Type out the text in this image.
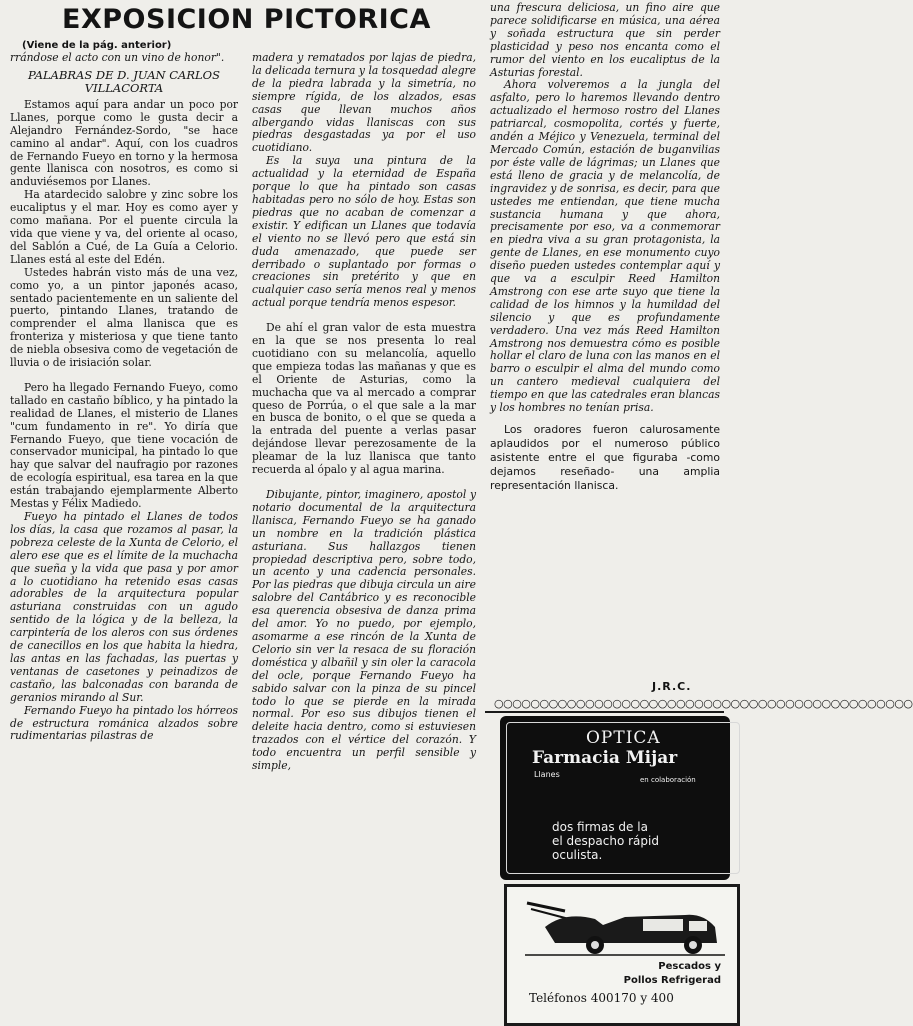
EXPOSICION PICTORICA
(Viene de la pág. anterior)

rrándose el acto con un vino de honor".

PALABRAS DE D. JUAN CARLOS VILLACORTA

Estamos aquí para andar un poco por Llanes, porque como le gusta decir a Alejandro Fernández-Sordo, "se hace camino al andar". Aquí, con los cuadros de Fernando Fueyo en torno y la hermosa gente llanisca con nosotros, es como si anduviésemos por Llanes.

Ha atardecido salobre y zinc sobre los eucaliptus y el mar. Hoy es como ayer y como mañana. Por el puente circula la vida que viene y va, del oriente al ocaso, del Sablón a Cué, de La Guía a Celorio. Llanes está al este del Edén.

Ustedes habrán visto más de una vez, como yo, a un pintor japonés acaso, sentado pacientemente en un saliente del puerto, pintando Llanes, tratando de comprender el alma llanisca que es fronteriza y misteriosa y que tiene tanto de niebla obsesiva como de vegetación de lluvia o de irisiación solar.

Pero ha llegado Fernando Fueyo, como tallado en castaño bíblico, y ha pintado la realidad de Llanes, el misterio de Llanes "cum fundamento in re". Yo diría que Fernando Fueyo, que tiene vocación de conservador municipal, ha pintado lo que hay que salvar del naufragio por razones de ecología espiritual, esa tarea en la que están trabajando ejemplarmente Alberto Mestas y Félix Madiedo.

Fueyo ha pintado el Llanes de todos los días, la casa que rozamos al pasar, la pobreza celeste de la Xunta de Celorio, el alero ese que es el límite de la muchacha que sueña y la vida que pasa y por amor a lo cuotidiano ha retenido esas casas adorables de la arquitectura popular asturiana construidas con un agudo sentido de la lógica y de la belleza, la carpintería de los aleros con sus órdenes de canecillos en los que habita la hiedra, las antas en las fachadas, las puertas y ventanas de casetones y peinadizos de castaño, las balconadas con baranda de geranios mirando al Sur.

Fernando Fueyo ha pintado los hórreos de estructura románica alzados sobre rudimentarias pilastras de

madera y rematados por lajas de piedra, la delicada ternura y la tosquedad alegre de la piedra labrada y la simetría, no siempre rígida, de los alzados, esas casas que llevan muchos años albergando vidas llaniscas con sus piedras desgastadas ya por el uso cuotidiano.

Es la suya una pintura de la actualidad y la eternidad de España porque lo que ha pintado son casas habitadas pero no sólo de hoy. Estas son piedras que no acaban de comenzar a existir. Y edifican un Llanes que todavía el viento no se llevó pero que está sin duda amenazado, que puede ser derribado o suplantado por formas o creaciones sin pretérito y que en cualquier caso sería menos real y menos actual porque tendría menos espesor.

De ahí el gran valor de esta muestra en la que se nos presenta lo real cuotidiano con su melancolía, aquello que empieza todas las mañanas y que es el Oriente de Asturias, como la muchacha que va al mercado a comprar queso de Porrúa, o el que sale a la mar en busca de bonito, o el que se queda a la entrada del puente a verlas pasar dejándose llevar perezosamente de la pleamar de la luz llanisca que tanto recuerda al ópalo y al agua marina.

Dibujante, pintor, imaginero, apostol y notario documental de la arquitectura llanisca, Fernando Fueyo se ha ganado un nombre en la tradición plástica asturiana. Sus hallazgos tienen propiedad descriptiva pero, sobre todo, un acento y una cadencia personales. Por las piedras que dibuja circula un aire salobre del Cantábrico y es reconocible esa querencia obsesiva de danza prima del amor. Yo no puedo, por ejemplo, asomarme a ese rincón de la Xunta de Celorio sin ver la resaca de su floración doméstica y albañil y sin oler la caracola del ocle, porque Fernando Fueyo ha sabido salvar con la pinza de su pincel todo lo que se pierde en la mirada normal. Por eso sus dibujos tienen el deleite hacia dentro, como si estuviesen trazados con el vértice del corazón. Y todo encuentra un perfil sensible y simple,

una frescura deliciosa, un fino aire que parece solidificarse en música, una aérea y soñada estructura que sin perder plasticidad y peso nos encanta como el rumor del viento en los eucaliptus de la Asturias forestal.

Ahora volveremos a la jungla del asfalto, pero lo haremos llevando dentro actualizado el hermoso rostro del Llanes patriarcal, cosmopolita, cortés y fuerte, andén a Méjico y Venezuela, terminal del Mercado Común, estación de buganvilias por éste valle de lágrimas; un Llanes que está lleno de gracia y de melancolía, de ingravidez y de sonrisa, es decir, para que ustedes me entiendan, que tiene mucha sustancia humana y que ahora, precisamente por eso, va a conmemorar en piedra viva a su gran protagonista, la gente de Llanes, en ese monumento cuyo diseño pueden ustedes contemplar aquí y que va a esculpir Reed Hamilton Amstrong con ese arte suyo que tiene la calidad de los himnos y la humildad del silencio y que es profundamente verdadero. Una vez más Reed Hamilton Amstrong nos demuestra cómo es posible hollar el claro de luna con las manos en el barro o esculpir el alma del mundo como un cantero medieval cualquiera del tiempo en que las catedrales eran blancas y los hombres no tenían prisa.

Los oradores fueron calurosamente aplaudidos por el numeroso público asistente entre el que figuraba -como dejamos reseñado- una amplia representación llanisca.

J.R.C.
○○○○○○○○○○○○○○○○○○○○○○○○○○○○○○○○○○○○○○○○○○○○○○
OPTICA
Farmacia Mijar
Llanes
en colaboración
dos firmas de la
el despacho rápid
oculista.
Pescados y
Pollos Refrigerad
Teléfonos 400170 y 400
